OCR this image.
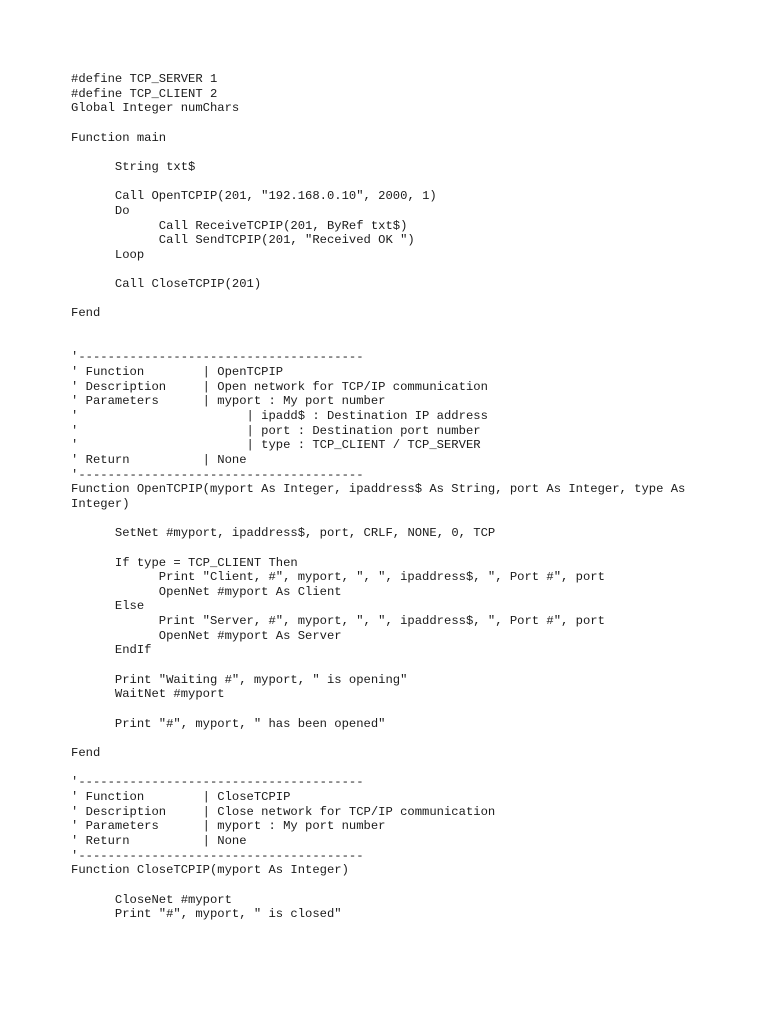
#define TCP_SERVER 1
#define TCP_CLIENT 2
Global Integer numChars
Function main
String txt$
Call OpenTCPIP(201, "192.168.0.10", 2000, 1)
Do
Call ReceiveTCPIP(201, ByRef txt$)
Call SendTCPIP(201, "Received OK ")
Loop
Call CloseTCPIP(201)
Fend
'---------------------------------------
' Function        | OpenTCPIP
' Description     | Open network for TCP/IP communication
' Parameters      | myport : My port number
'                       | ipadd$ : Destination IP address
'                       | port : Destination port number
'                       | type : TCP_CLIENT / TCP_SERVER
' Return          | None
'---------------------------------------
Function OpenTCPIP(myport As Integer, ipaddress$ As String, port As Integer, type As Integer)
SetNet #myport, ipaddress$, port, CRLF, NONE, 0, TCP
If type = TCP_CLIENT Then
Print "Client, #", myport, ", ", ipaddress$, ", Port #", port
OpenNet #myport As Client
Else
Print "Server, #", myport, ", ", ipaddress$, ", Port #", port
OpenNet #myport As Server
EndIf
Print "Waiting #", myport, " is opening"
WaitNet #myport
Print "#", myport, " has been opened"
Fend
'---------------------------------------
' Function        | CloseTCPIP
' Description     | Close network for TCP/IP communication
' Parameters      | myport : My port number
' Return          | None
'---------------------------------------
Function CloseTCPIP(myport As Integer)
CloseNet #myport
Print "#", myport, " is closed"
